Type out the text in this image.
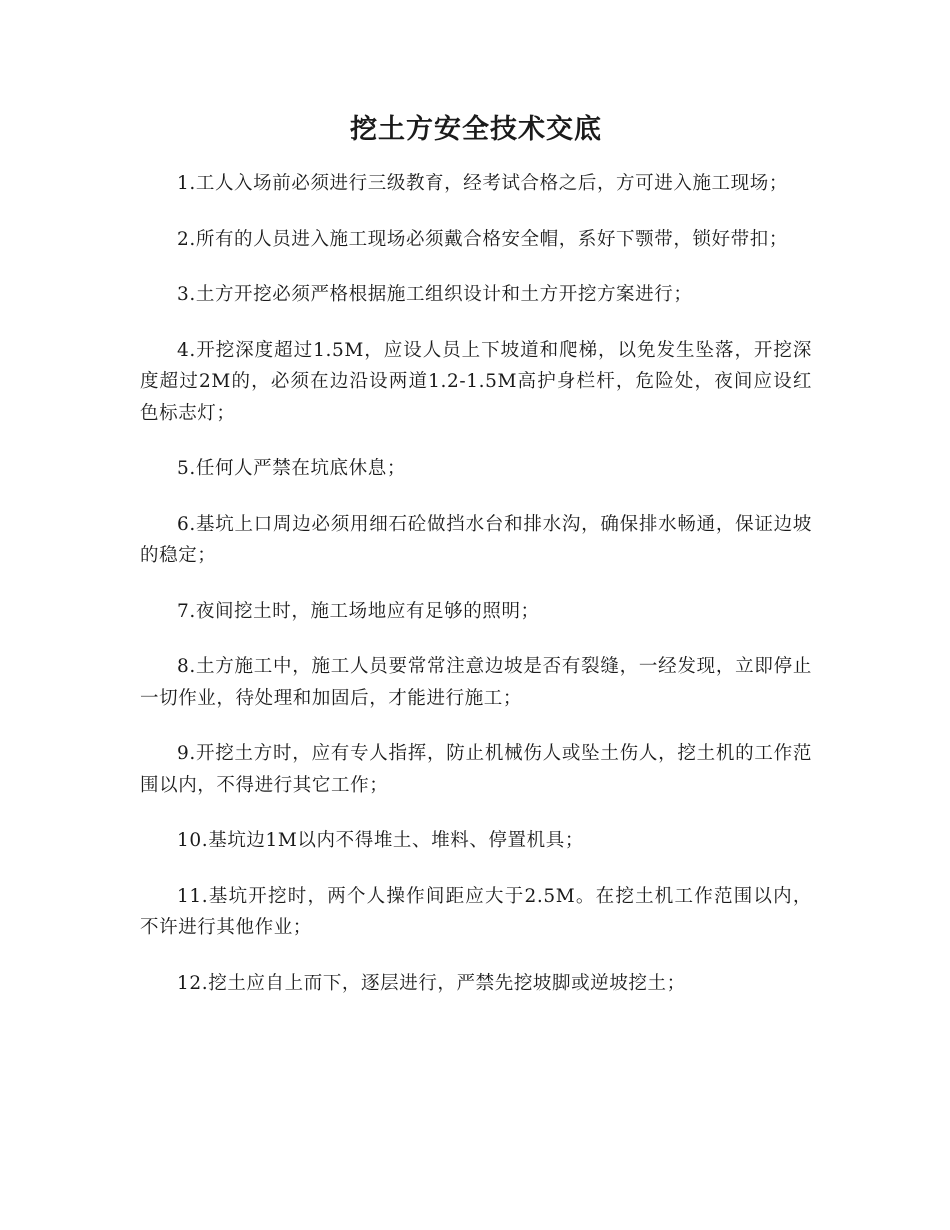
挖土方安全技术交底

1.工人入场前必须进行三级教育，经考试合格之后，方可进入施工现场；

2.所有的人员进入施工现场必须戴合格安全帽，系好下颚带，锁好带扣；

3.土方开挖必须严格根据施工组织设计和土方开挖方案进行；

4.开挖深度超过1.5M，应设人员上下坡道和爬梯，以免发生坠落，开挖深度超过2M的，必须在边沿设两道1.2-1.5M高护身栏杆，危险处，夜间应设红色标志灯；

5.任何人严禁在坑底休息；

6.基坑上口周边必须用细石砼做挡水台和排水沟，确保排水畅通，保证边坡的稳定；

7.夜间挖土时，施工场地应有足够的照明；

8.土方施工中，施工人员要常常注意边坡是否有裂缝，一经发现，立即停止一切作业，待处理和加固后，才能进行施工；

9.开挖土方时，应有专人指挥，防止机械伤人或坠土伤人，挖土机的工作范围以内，不得进行其它工作；

10.基坑边1M以内不得堆土、堆料、停置机具；

11.基坑开挖时，两个人操作间距应大于2.5M。在挖土机工作范围以内，不许进行其他作业；

12.挖土应自上而下，逐层进行，严禁先挖坡脚或逆坡挖土；
